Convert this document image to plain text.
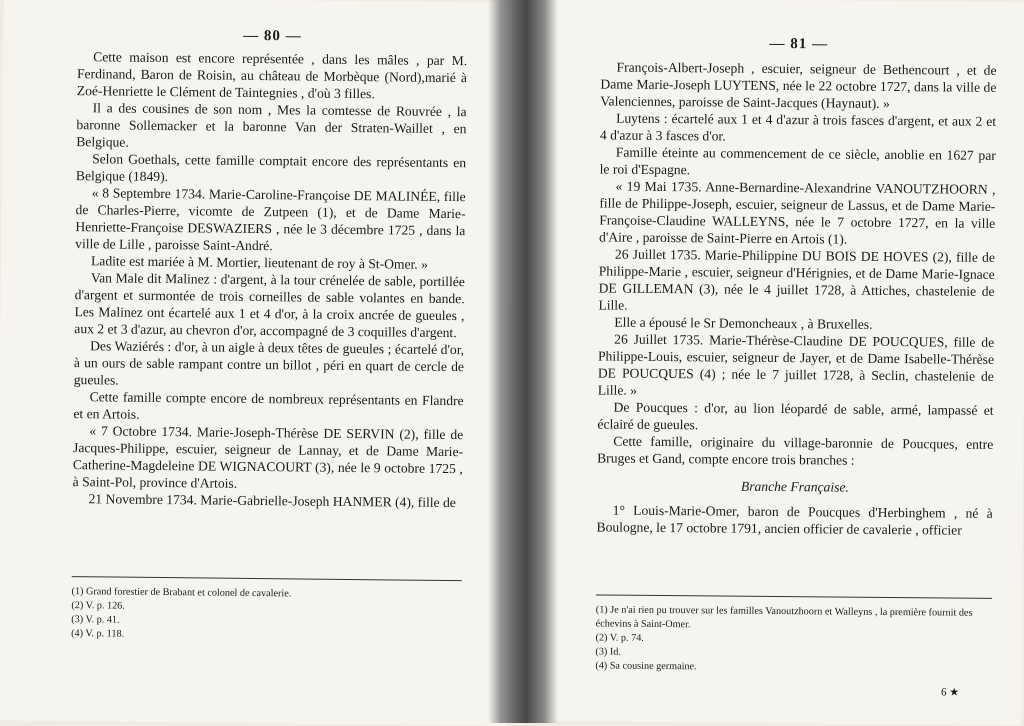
— 80 —

Cette maison est encore représentée , dans les mâles , par M. Ferdinand, Baron de Roisin, au château de Morbèque (Nord),marié à Zoé-Henriette le Clément de Taintegnies , d'où 3 filles.

Il a des cousines de son nom , Mes la comtesse de Rouvrée , la baronne Sollemacker et la baronne Van der Straten-Waillet , en Belgique.

Selon Goethals, cette famille comptait encore des représentants en Belgique (1849).

« 8 Septembre 1734. Marie-Caroline-Françoise DE MALINÉE, fille de Charles-Pierre, vicomte de Zutpeen (1), et de Dame Marie-Henriette-Françoise DESWAZIERS , née le 3 décembre 1725 , dans la ville de Lille , paroisse Saint-André.

Ladite est mariée à M. Mortier, lieutenant de roy à St-Omer. »

Van Male dit Malinez : d'argent, à la tour crénelée de sable, portillée d'argent et surmontée de trois corneilles de sable volantes en bande. Les Malinez ont écartelé aux 1 et 4 d'or, à la croix ancrée de gueules , aux 2 et 3 d'azur, au chevron d'or, accompagné de 3 coquilles d'argent.

Des Waziérés : d'or, à un aigle à deux têtes de gueules ; écartelé d'or, à un ours de sable rampant contre un billot , péri en quart de cercle de gueules.

Cette famille compte encore de nombreux représentants en Flandre et en Artois.

« 7 Octobre 1734. Marie-Joseph-Thérèse DE SERVIN (2), fille de Jacques-Philippe, escuier, seigneur de Lannay, et de Dame Marie-Catherine-Magdeleine DE WIGNACOURT (3), née le 9 octobre 1725 , à Saint-Pol, province d'Artois.

21 Novembre 1734. Marie-Gabrielle-Joseph HANMER (4), fille de

(1) Grand forestier de Brabant et colonel de cavalerie.
(2) V. p. 126.
(3) V. p. 41.
(4) V. p. 118.
— 81 —

François-Albert-Joseph , escuier, seigneur de Bethencourt , et de Dame Marie-Joseph LUYTENS, née le 22 octobre 1727, dans la ville de Valenciennes, paroisse de Saint-Jacques (Haynaut). »

Luytens : écartelé aux 1 et 4 d'azur à trois fasces d'argent, et aux 2 et 4 d'azur à 3 fasces d'or.

Famille éteinte au commencement de ce siècle, anoblie en 1627 par le roi d'Espagne.

« 19 Mai 1735. Anne-Bernardine-Alexandrine VANOUTZHOORN , fille de Philippe-Joseph, escuier, seigneur de Lassus, et de Dame Marie-Françoise-Claudine WALLEYNS, née le 7 octobre 1727, en la ville d'Aire , paroisse de Saint-Pierre en Artois (1).

26 Juillet 1735. Marie-Philippine DU BOIS DE HOVES (2), fille de Philippe-Marie , escuier, seigneur d'Hérignies, et de Dame Marie-Ignace DE GILLEMAN (3), née le 4 juillet 1728, à Attiches, chastelenie de Lille.

Elle a épousé le Sr Demoncheaux , à Bruxelles.

26 Juillet 1735. Marie-Thérèse-Claudine DE POUCQUES, fille de Philippe-Louis, escuier, seigneur de Jayer, et de Dame Isabelle-Thérèse DE POUCQUES (4) ; née le 7 juillet 1728, à Seclin, chastelenie de Lille. »

De Poucques : d'or, au lion léopardé de sable, armé, lampassé et éclairé de gueules.

Cette famille, originaire du village-baronnie de Poucques, entre Bruges et Gand, compte encore trois branches :

Branche Française.

1° Louis-Marie-Omer, baron de Poucques d'Herbinghem , né à Boulogne, le 17 octobre 1791, ancien officier de cavalerie , officier

(1) Je n'ai rien pu trouver sur les familles Vanoutzhoorn et Walleyns , la première fournit des échevins à Saint-Omer.
(2) V. p. 74.
(3) Id.
(4) Sa cousine germaine.
6 ★
